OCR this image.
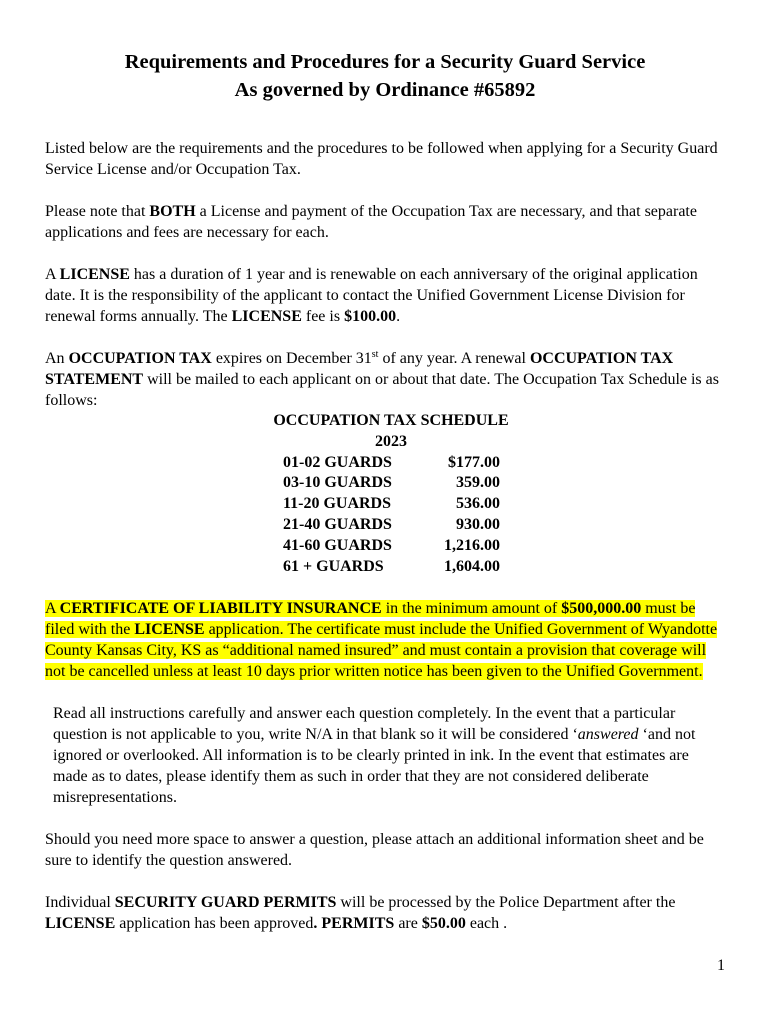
Requirements and Procedures for a Security Guard Service
As governed by Ordinance #65892

Listed below are the requirements and the procedures to be followed when applying for a Security Guard Service License and/or Occupation Tax.

Please note that BOTH a License and payment of the Occupation Tax are necessary, and that separate applications and fees are necessary for each.

A LICENSE has a duration of 1 year and is renewable on each anniversary of the original application date. It is the responsibility of the applicant to contact the Unified Government License Division for renewal forms annually. The LICENSE fee is $100.00.

An OCCUPATION TAX expires on December 31st of any year. A renewal OCCUPATION TAX STATEMENT will be mailed to each applicant on or about that date. The Occupation Tax Schedule is as follows:

OCCUPATION TAX SCHEDULE
2023
01-02 GUARDS	$177.00
03-10 GUARDS	359.00
11-20 GUARDS	536.00
21-40 GUARDS	930.00
41-60 GUARDS	1,216.00
61 + GUARDS	1,604.00

A CERTIFICATE OF LIABILITY INSURANCE in the minimum amount of $500,000.00 must be filed with the LICENSE application. The certificate must include the Unified Government of Wyandotte County Kansas City, KS as “additional named insured” and must contain a provision that coverage will not be cancelled unless at least 10 days prior written notice has been given to the Unified Government.

Read all instructions carefully and answer each question completely. In the event that a particular question is not applicable to you, write N/A in that blank so it will be considered ‘answered ‘and not ignored or overlooked. All information is to be clearly printed in ink. In the event that estimates are made as to dates, please identify them as such in order that they are not considered deliberate misrepresentations.

Should you need more space to answer a question, please attach an additional information sheet and be sure to identify the question answered.

Individual SECURITY GUARD PERMITS will be processed by the Police Department after the LICENSE application has been approved. PERMITS are $50.00 each .

1
